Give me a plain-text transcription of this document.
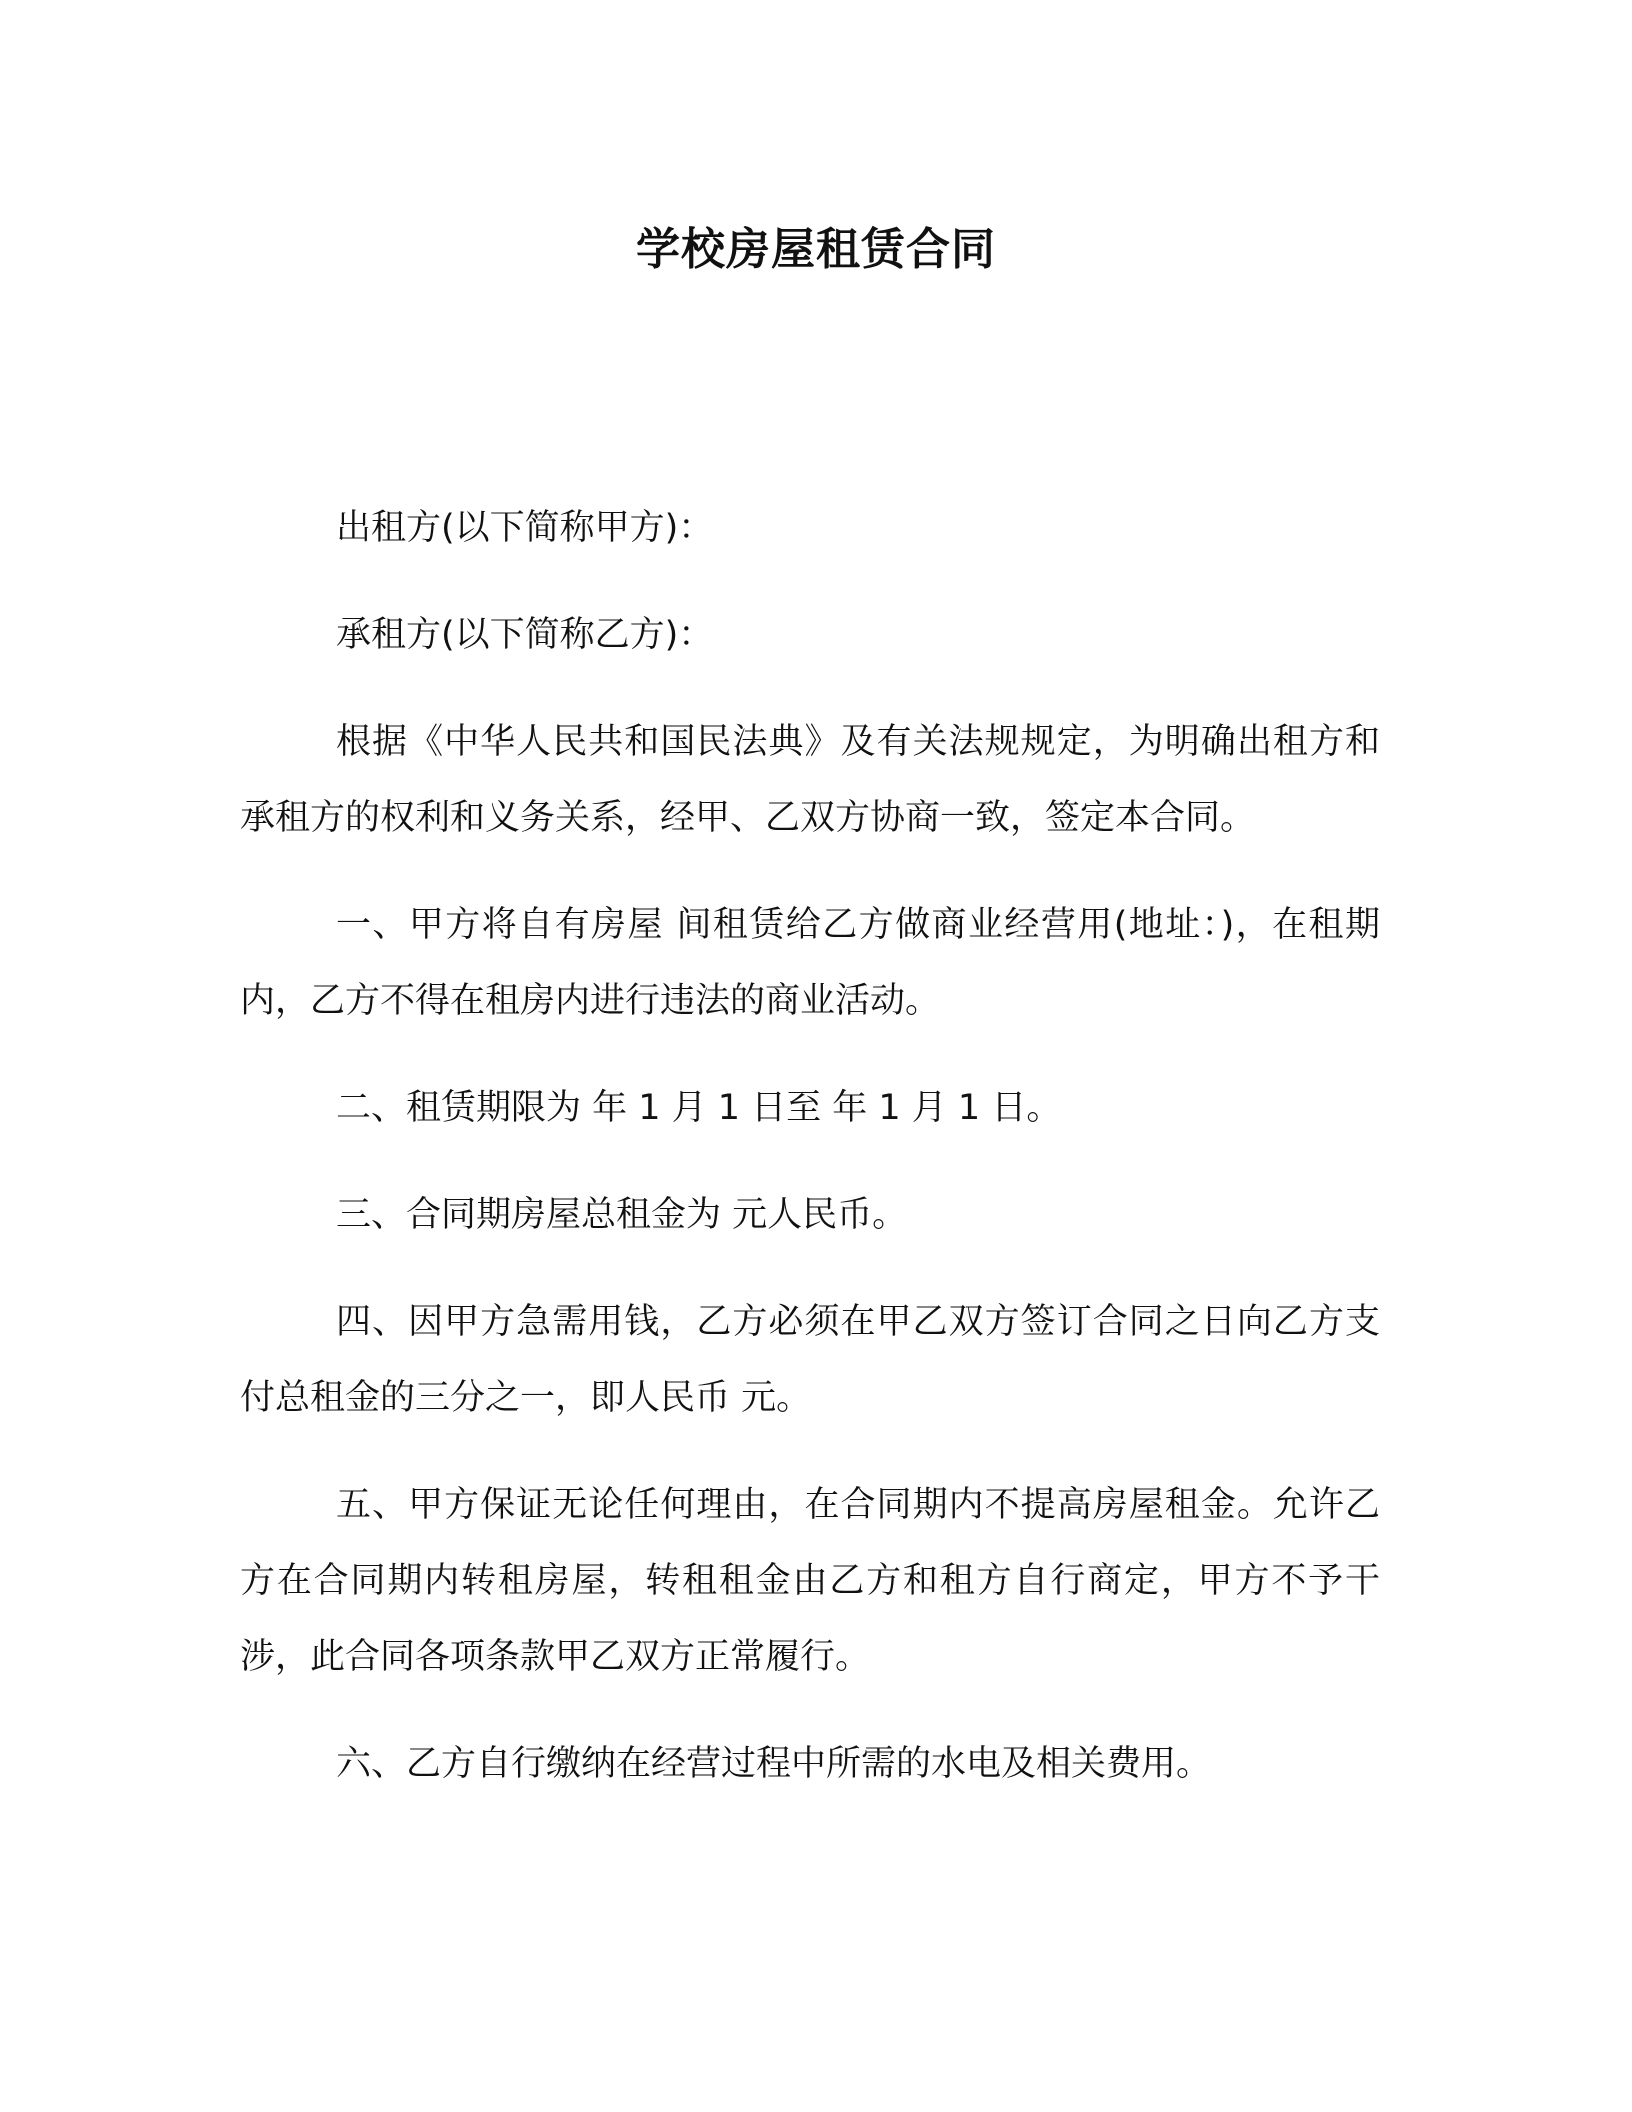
学校房屋租赁合同

出租方(以下简称甲方)：

承租方(以下简称乙方)：

根据《中华人民共和国民法典》及有关法规规定，为明确出租方和承租方的权利和义务关系，经甲、乙双方协商一致，签定本合同。

一、甲方将自有房屋 间租赁给乙方做商业经营用(地址：)，在租期内，乙方不得在租房内进行违法的商业活动。

二、租赁期限为 年 1 月 1 日至 年 1 月 1 日。

三、合同期房屋总租金为 元人民币。

四、因甲方急需用钱，乙方必须在甲乙双方签订合同之日向乙方支付总租金的三分之一，即人民币 元。

五、甲方保证无论任何理由，在合同期内不提高房屋租金。允许乙方在合同期内转租房屋，转租租金由乙方和租方自行商定，甲方不予干涉，此合同各项条款甲乙双方正常履行。

六、乙方自行缴纳在经营过程中所需的水电及相关费用。
